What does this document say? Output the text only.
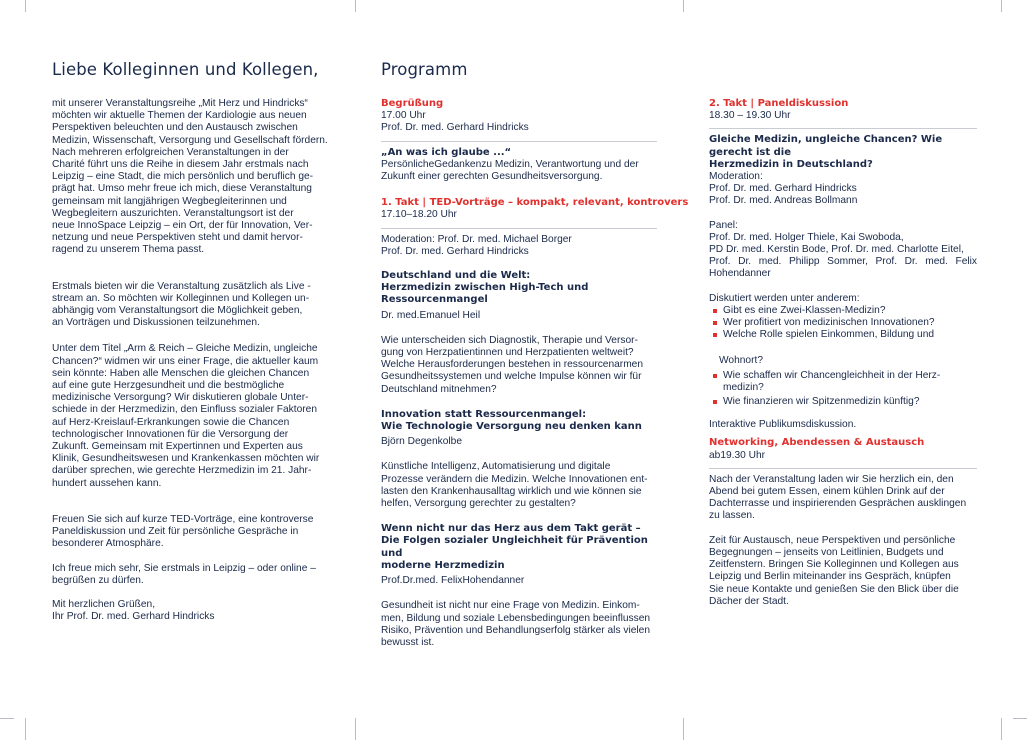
Liebe Kolleginnen und Kollegen,
mit unserer Veranstaltungsreihe „Mit Herz und Hindricks“
möchten wir aktuelle Themen der Kardiologie aus neuen
Perspektiven beleuchten und den Austausch zwischen
Medizin, Wissenschaft, Versorgung und Gesellschaft fördern.
Nach mehreren erfolgreichen Veranstaltungen in der
Charité führt uns die Reihe in diesem Jahr erstmals nach
Leipzig – eine Stadt, die mich persönlich und beruflich ge-
prägt hat. Umso mehr freue ich mich, diese Veranstaltung
gemeinsam mit langjährigen Wegbegleiterinnen und
Wegbegleitern auszurichten. Veranstaltungsort ist der
neue InnoSpace Leipzig – ein Ort, der für Innovation, Ver-
netzung und neue Perspektiven steht und damit hervor-
ragend zu unserem Thema passt.
Erstmals bieten wir die Veranstaltung zusätzlich als Live -
stream an. So möchten wir Kolleginnen und Kollegen un-
abhängig vom Veranstaltungsort die Möglichkeit geben,
an Vorträgen und Diskussionen teilzunehmen.
Unter dem Titel „Arm & Reich – Gleiche Medizin, ungleiche
Chancen?“ widmen wir uns einer Frage, die aktueller kaum
sein könnte: Haben alle Menschen die gleichen Chancen
auf eine gute Herzgesundheit und die bestmögliche
medizinische Versorgung? Wir diskutieren globale Unter-
schiede in der Herzmedizin, den Einfluss sozialer Faktoren
auf Herz-Kreislauf-Erkrankungen sowie die Chancen
technologischer Innovationen für die Versorgung der
Zukunft. Gemeinsam mit Expertinnen und Experten aus
Klinik, Gesundheitswesen und Krankenkassen möchten wir
darüber sprechen, wie gerechte Herzmedizin im 21. Jahr-
hundert aussehen kann.
Freuen Sie sich auf kurze TED-Vorträge, eine kontroverse
Paneldiskussion und Zeit für persönliche Gespräche in
besonderer Atmosphäre.
Ich freue mich sehr, Sie erstmals in Leipzig – oder online –
begrüßen zu dürfen.
Mit herzlichen Grüßen,
Ihr Prof. Dr. med. Gerhard Hindricks
Programm
Begrüßung
17.00 Uhr
Prof. Dr. med. Gerhard Hindricks
„An was ich glaube ...“
PersönlicheGedankenzu Medizin, Verantwortung und der
Zukunft einer gerechten Gesundheitsversorgung.
1. Takt | TED-Vorträge – kompakt, relevant, kontrovers
17.10–18.20 Uhr
Moderation: Prof. Dr. med. Michael Borger
Prof. Dr. med. Gerhard Hindricks
Deutschland und die Welt:
Herzmedizin zwischen High-Tech und Ressourcenmangel
Dr. med.Emanuel Heil
Wie unterscheiden sich Diagnostik, Therapie und Versor-
gung von Herzpatientinnen und Herzpatienten weltweit?
Welche Herausforderungen bestehen in ressourcenarmen
Gesundheitssystemen und welche Impulse können wir für
Deutschland mitnehmen?
Innovation statt Ressourcenmangel:
Wie Technologie Versorgung neu denken kann
Björn Degenkolbe
Künstliche Intelligenz, Automatisierung und digitale
Prozesse verändern die Medizin. Welche Innovationen ent-
lasten den Krankenhausalltag wirklich und wie können sie
helfen, Versorgung gerechter zu gestalten?
Wenn nicht nur das Herz aus dem Takt gerät –
Die Folgen sozialer Ungleichheit für Prävention und
moderne Herzmedizin
Prof.Dr.med. FelixHohendanner
Gesundheit ist nicht nur eine Frage von Medizin. Einkom-
men, Bildung und soziale Lebensbedingungen beeinflussen
Risiko, Prävention und Behandlungserfolg stärker als vielen
bewusst ist.
2. Takt | Paneldiskussion
18.30 – 19.30 Uhr
Gleiche Medizin, ungleiche Chancen? Wie gerecht ist die
Herzmedizin in Deutschland?
Moderation:
Prof. Dr. med. Gerhard Hindricks
Prof. Dr. med. Andreas Bollmann
Panel:
Prof. Dr. med. Holger Thiele, Kai Swoboda,
PD Dr. med. Kerstin Bode, Prof. Dr. med. Charlotte Eitel,
Prof. Dr. med. Philipp Sommer, Prof. Dr. med. Felix
Hohendanner
Diskutiert werden unter anderem:
Gibt es eine Zwei-Klassen-Medizin?
Wer profitiert von medizinischen Innovationen?
Welche Rolle spielen Einkommen, Bildung und
Wohnort?
Wie schaffen wir Chancengleichheit in der Herz-
medizin?
Wie finanzieren wir Spitzenmedizin künftig?
Interaktive Publikumsdiskussion.
Networking, Abendessen & Austausch
ab19.30 Uhr
Nach der Veranstaltung laden wir Sie herzlich ein, den
Abend bei gutem Essen, einem kühlen Drink auf der
Dachterrasse und inspirierenden Gesprächen ausklingen
zu lassen.
Zeit für Austausch, neue Perspektiven und persönliche
Begegnungen – jenseits von Leitlinien, Budgets und
Zeitfenstern. Bringen Sie Kolleginnen und Kollegen aus
Leipzig und Berlin miteinander ins Gespräch, knüpfen
Sie neue Kontakte und genießen Sie den Blick über die
Dächer der Stadt.
